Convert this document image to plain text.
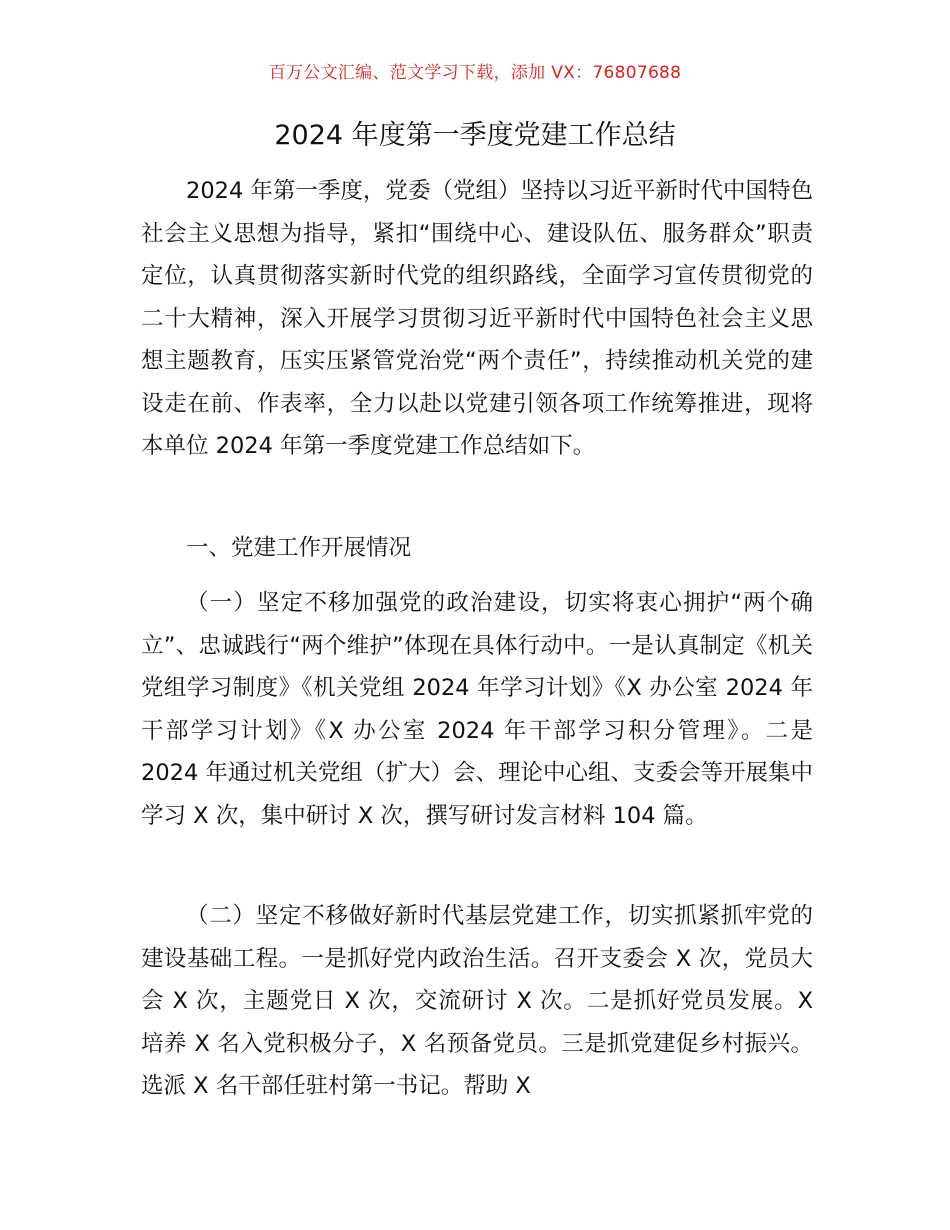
百万公文汇编、范文学习下载，添加 VX：76807688
2024 年度第一季度党建工作总结

2024 年第一季度，党委（党组）坚持以习近平新时代中国特色社会主义思想为指导，紧扣“围绕中心、建设队伍、服务群众”职责定位，认真贯彻落实新时代党的组织路线，全面学习宣传贯彻党的二十大精神，深入开展学习贯彻习近平新时代中国特色社会主义思想主题教育，压实压紧管党治党“两个责任”，持续推动机关党的建设走在前、作表率，全力以赴以党建引领各项工作统筹推进，现将本单位 2024 年第一季度党建工作总结如下。

一、党建工作开展情况

（一）坚定不移加强党的政治建设，切实将衷心拥护“两个确立”、忠诚践行“两个维护”体现在具体行动中。一是认真制定《机关党组学习制度》《机关党组 2024 年学习计划》《X 办公室 2024 年干部学习计划》《X 办公室 2024 年干部学习积分管理》。二是 2024 年通过机关党组（扩大）会、理论中心组、支委会等开展集中学习 X 次，集中研讨 X 次，撰写研讨发言材料 104 篇。

（二）坚定不移做好新时代基层党建工作，切实抓紧抓牢党的建设基础工程。一是抓好党内政治生活。召开支委会 X 次，党员大会 X 次，主题党日 X 次，交流研讨 X 次。二是抓好党员发展。X 培养 X 名入党积极分子，X 名预备党员。三是抓党建促乡村振兴。选派 X 名干部任驻村第一书记。帮助 X
